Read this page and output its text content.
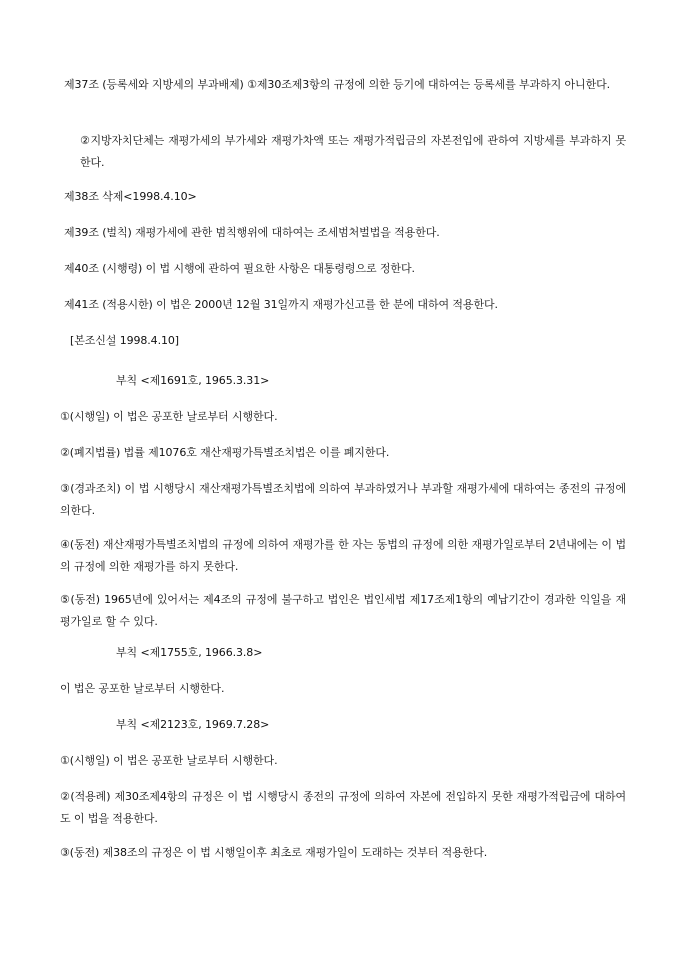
제37조 (등록세와 지방세의 부과배제) ①제30조제3항의 규정에 의한 등기에 대하여는 등록세를 부과하지 아니한다.
②지방자치단체는 재평가세의 부가세와 재평가차액 또는 재평가적립금의 자본전입에 관하여 지방세를 부과하지 못한다.
제38조 삭제<1998.4.10>
제39조 (벌칙) 재평가세에 관한 범칙행위에 대하여는 조세범처벌법을 적용한다.
제40조 (시행령) 이 법 시행에 관하여 필요한 사항은 대통령령으로 정한다.
제41조 (적용시한) 이 법은 2000년 12월 31일까지 재평가신고를 한 분에 대하여 적용한다.
[본조신설 1998.4.10]
부칙 <제1691호, 1965.3.31>
①(시행일) 이 법은 공포한 날로부터 시행한다.
②(폐지법률) 법률 제1076호 재산재평가특별조치법은 이를 폐지한다.
③(경과조치) 이 법 시행당시 재산재평가특별조치법에 의하여 부과하였거나 부과할 재평가세에 대하여는 종전의 규정에 의한다.
④(동전) 재산재평가특별조치법의 규정에 의하여 재평가를 한 자는 동법의 규정에 의한 재평가일로부터 2년내에는 이 법의 규정에 의한 재평가를 하지 못한다.
⑤(동전) 1965년에 있어서는 제4조의 규정에 불구하고 법인은 법인세법 제17조제1항의 예납기간이 경과한 익일을 재평가일로 할 수 있다.
부칙 <제1755호, 1966.3.8>
이 법은 공포한 날로부터 시행한다.
부칙 <제2123호, 1969.7.28>
①(시행일) 이 법은 공포한 날로부터 시행한다.
②(적용례) 제30조제4항의 규정은 이 법 시행당시 종전의 규정에 의하여 자본에 전입하지 못한 재평가적립금에 대하여도 이 법을 적용한다.
③(동전) 제38조의 규정은 이 법 시행일이후 최초로 재평가일이 도래하는 것부터 적용한다.
